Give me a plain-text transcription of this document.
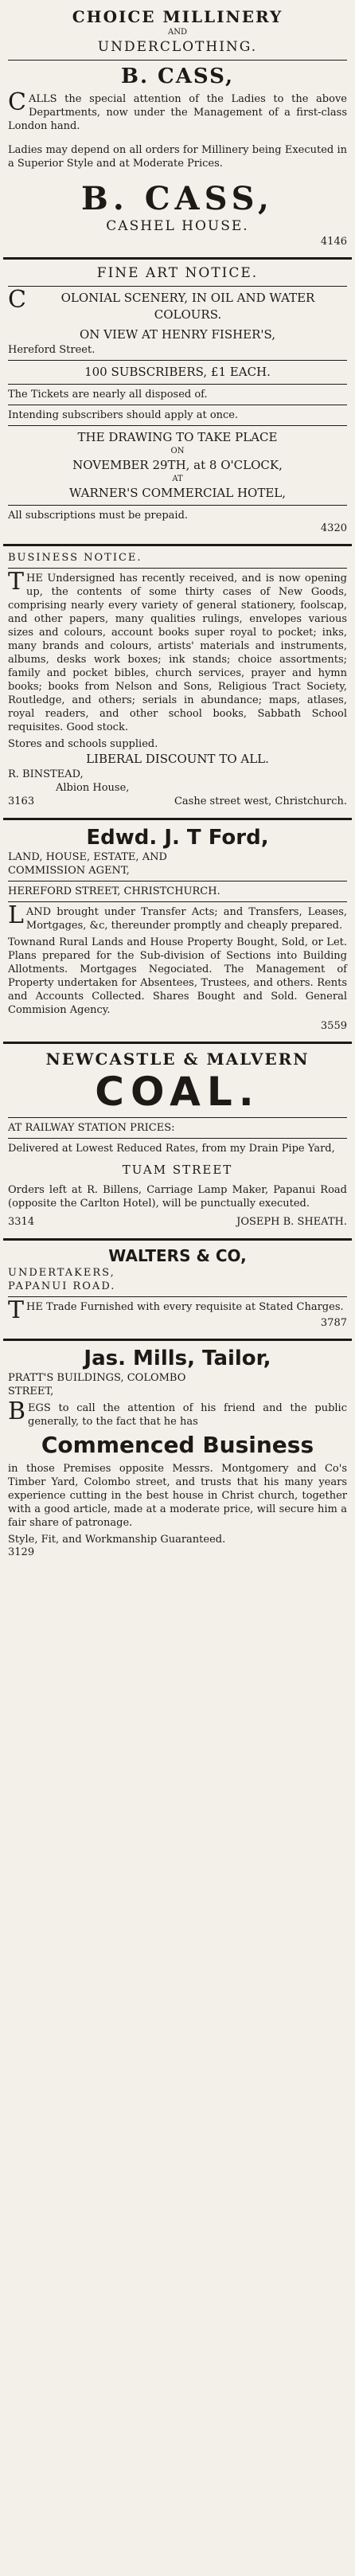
CHOICE MILLINERY
AND
UNDERCLOTHING.
B. CASS,

CALLS the special attention of the Ladies to the above Departments, now under the Management of a first-class London hand.

Ladies may depend on all orders for Millinery being Executed in a Superior Style and at Moderate Prices.

B. CASS,
CASHEL HOUSE.
4146
FINE ART NOTICE.

COLONIAL SCENERY, IN OIL AND WATER COLOURS.

ON VIEW AT HENRY FISHER'S,
Hereford Street.
100 SUBSCRIBERS, £1 EACH.
The Tickets are nearly all disposed of.
Intending subscribers should apply at once.
THE DRAWING TO TAKE PLACE
ON
NOVEMBER 29TH, at 8 O'CLOCK,
AT
WARNER'S COMMERCIAL HOTEL,
All subscriptions must be prepaid.
4320
BUSINESS NOTICE.

THE Undersigned has recently received, and is now opening up, the contents of some thirty cases of New Goods, comprising nearly every variety of general stationery, foolscap, and other papers, many qualities rulings, envelopes various sizes and colours, account books super royal to pocket; inks, many brands and colours, artists' materials and instruments, albums, desks work boxes; ink stands; choice assortments; family and pocket bibles, church services, prayer and hymn books; books from Nelson and Sons, Religious Tract Society, Routledge, and others; serials in abundance; maps, atlases, royal readers, and other school books, Sabbath School requisites. Good stock.

Stores and schools supplied.
LIBERAL DISCOUNT TO ALL.
R. BINSTEAD,
Albion House,
3163	Cashe street west, Christchurch.
Edwd. J. T Ford,
LAND, HOUSE, ESTATE, AND
COMMISSION AGENT,
HEREFORD STREET, CHRISTCHURCH.

LAND brought under Transfer Acts; and Transfers, Leases, Mortgages, &c, thereunder promptly and cheaply prepared.

Townand Rural Lands and House Property Bought, Sold, or Let. Plans prepared for the Sub-division of Sections into Building Allotments. Mortgages Negociated. The Management of Property undertaken for Absentees, Trustees, and others. Rents and Accounts Collected. Shares Bought and Sold. General Commision Agency.

3559
NEWCASTLE & MALVERN
COAL.
AT RAILWAY STATION PRICES:

Delivered at Lowest Reduced Rates, from my Drain Pipe Yard,

TUAM STREET

Orders left at R. Billens, Carriage Lamp Maker, Papanui Road (opposite the Carlton Hotel), will be punctually executed.

3314	JOSEPH B. SHEATH.
WALTERS & CO,
UNDERTAKERS,
PAPANUI ROAD.

THE Trade Furnished with every requisite at Stated Charges.

3787
Jas. Mills, Tailor,
PRATT'S BUILDINGS, COLOMBO
STREET,

BEGS to call the attention of his friend and the public generally, to the fact that he has

Commenced Business

in those Premises opposite Messrs. Montgomery and Co's Timber Yard, Colombo street, and trusts that his many years experience cutting in the best house in Christ church, together with a good article, made at a moderate price, will secure him a fair share of patronage.

Style, Fit, and Workmanship Guaranteed.
3129
